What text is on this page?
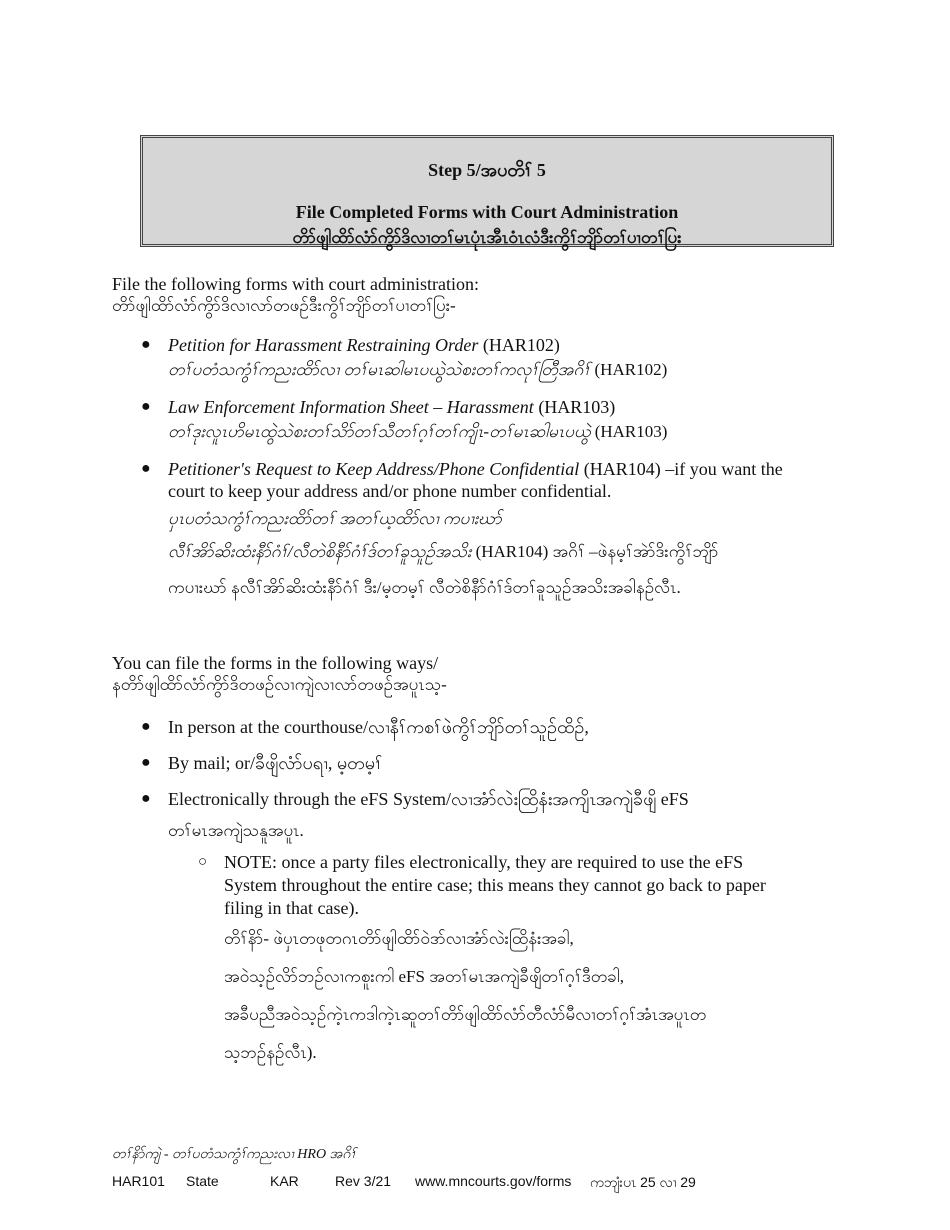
Step 5/အပတိၢ် 5
File Completed Forms with Court Administration
တိာ်ဖျါထိာ်လံာ်ကွိာ်ဒိလၢတၢ်မၤပုံၤအီၤဝံၤလံဒီးကွိၢ်ဘျိာ်တၢ်ပၢတၢ်ပြး
File the following forms with court administration:
တိာ်ဖျါထိာ်လံာ်ကွိာ်ဒိလၢလာ်တဖဉ်ဒီးကွိၢ်ဘျိာ်တၢ်ပၢတၢ်ပြး-
● Petition for Harassment Restraining Order (HAR102)
တၢ်ပတံသကွံၢ်ကညးထိာ်လၢ တၢ်မၤဆါမၤပယွဲသဲစးတၢ်ကလုၢ်တြီအဂိၢ် (HAR102)
● Law Enforcement Information Sheet – Harassment (HAR103)
တၢ်ဒုးလူၤဟိမၤထွဲသဲစးတၢ်သိာ်တၢ်သီတၢ်ဂ့ၢ်တၢ်ကျိၤ-တၢ်မၤဆါမၤပယွဲ (HAR103)
● Petitioner's Request to Keep Address/Phone Confidential (HAR104) –if you want the
court to keep your address and/or phone number confidential.
ပှၤပတံသကွံၢ်ကညးထိာ်တၢ် အတၢ်ယ့ထိာ်လၢ ကပၢးဃာ်
လီၢ်အိာ်ဆိးထံးနီာ်ဂံၢ်/လီတဲစိနီာ်ဂံၢ်ဒ်တၢ်ခူသူဉ်အသိး (HAR104) အဂိၢ် –ဖဲနမ့ၢ်အဲာ်ဒိးကွိၢ်ဘျိာ်
ကပၢးဃာ် နလီၢ်အိာ်ဆိးထံးနီာ်ဂံၢ် ဒီး/မ့တမ့ၢ် လီတဲစိနီာ်ဂံၢ်ဒ်တၢ်ခူသူဉ်အသိးအခါနဉ်လီၤ.
You can file the forms in the following ways/
နတိာ်ဖျါထိာ်လံာ်ကွိာ်ဒိတဖဉ်လၢကျဲလၢလာ်တဖဉ်အပူၤသ့-
● In person at the courthouse/လၢနီၢ်ကစၢ်ဖဲကွိၢ်ဘျိာ်တၢ်သူဉ်ထိဉ်,
● By mail; or/ခီဖျိလံာ်ပရၢ, မ့တမ့ၢ်
● Electronically through the eFS System/လၢအံာ်လဲးထြိနံးအကျိၤအကျဲခီဖျိ eFS
တၢ်မၤအကျဲသနူအပူၤ.
○ NOTE: once a party files electronically, they are required to use the eFS
System throughout the entire case; this means they cannot go back to paper
filing in that case).
တိၢ်နိာ်- ဖဲပှၤတဖုတဂၤတိာ်ဖျါထိာ်ဝဲဒာ်လၢအံာ်လဲးထြိနံးအခါ,
အဝဲသ့ဉ်လိာ်ဘဉ်လၢကစူးကါ eFS အတၢ်မၤအကျဲခီဖျိတၢ်ဂ့ၢ်ဒီတခါ,
အခီပညီအဝဲသ့ဉ်ကဲ့ၤကဒါကဲ့ၤဆူတၢ်တိာ်ဖျါထိာ်လံာ်တီလံာ်မီလၢတၢ်ဂ့ၢ်အံၤအပူၤတ
သ့ဘဉ်နဉ်လီၤ).
တၢ်နိာ်ကျဲ - တၢ်ပတံသကွံၢ်ကညးလၢ HRO အဂိၢ်
HAR101	State	KAR	Rev 3/21	www.mncourts.gov/forms	ကဘျံးပၤ 25 လၢ 29
